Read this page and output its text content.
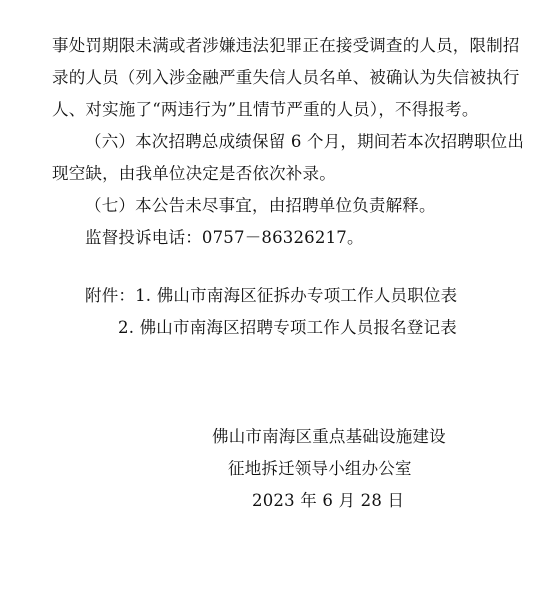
事处罚期限未满或者涉嫌违法犯罪正在接受调查的人员，限制招
录的人员（列入涉金融严重失信人员名单、被确认为失信被执行
人、对实施了“两违行为”且情节严重的人员），不得报考。
（六）本次招聘总成绩保留 6 个月，期间若本次招聘职位出
现空缺，由我单位决定是否依次补录。
（七）本公告未尽事宜，由招聘单位负责解释。
监督投诉电话：0757－86326217。
附件：1. 佛山市南海区征拆办专项工作人员职位表
2. 佛山市南海区招聘专项工作人员报名登记表
佛山市南海区重点基础设施建设
征地拆迁领导小组办公室
2023 年 6 月 28 日
